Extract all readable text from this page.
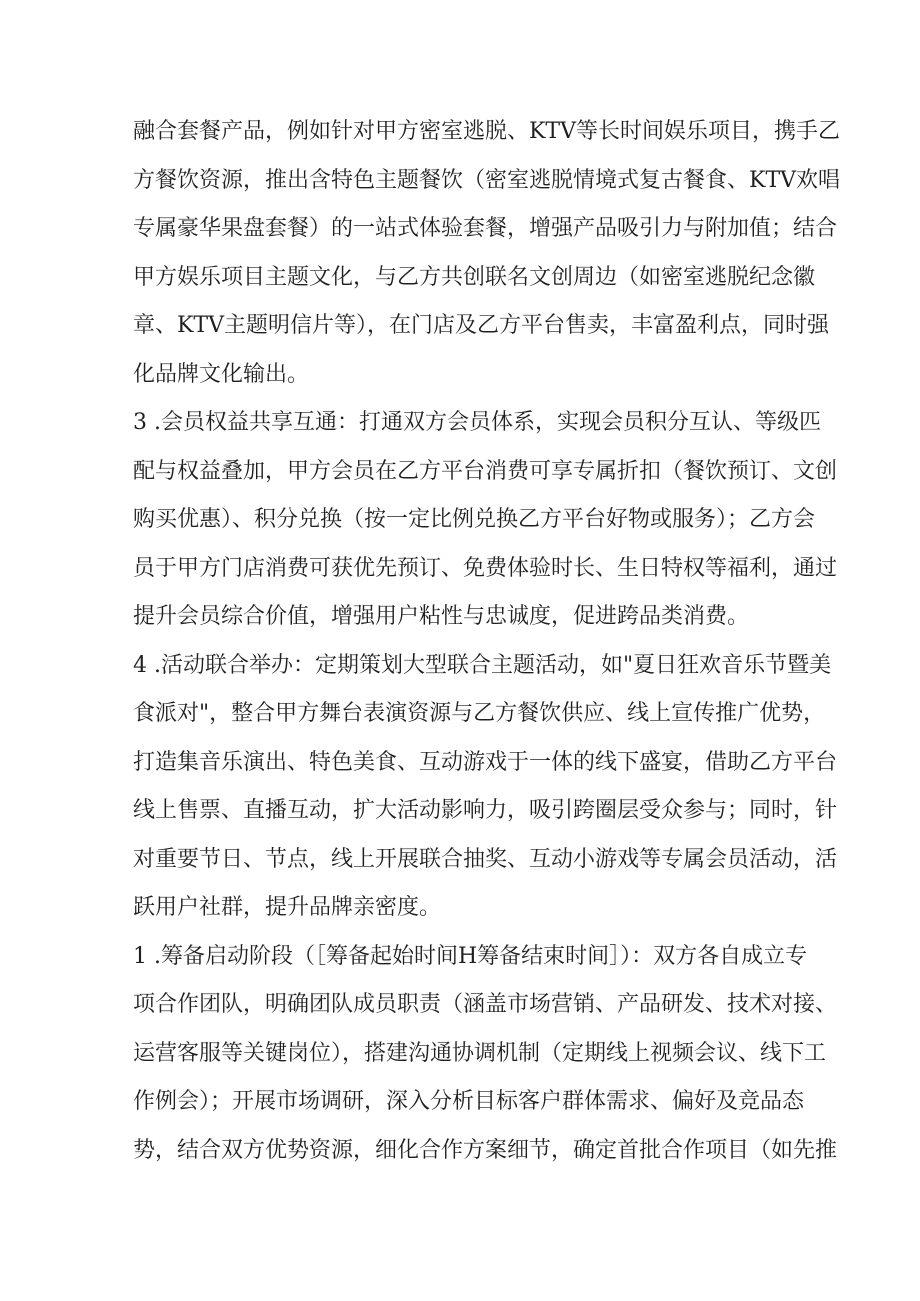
融合套餐产品，例如针对甲方密室逃脱、KTV等长时间娱乐项目，携手乙
方餐饮资源，推出含特色主题餐饮（密室逃脱情境式复古餐食、KTV欢唱
专属豪华果盘套餐）的一站式体验套餐，增强产品吸引力与附加值；结合
甲方娱乐项目主题文化，与乙方共创联名文创周边（如密室逃脱纪念徽
章、KTV主题明信片等），在门店及乙方平台售卖，丰富盈利点，同时强
化品牌文化输出。
3 .会员权益共享互通：打通双方会员体系，实现会员积分互认、等级匹
配与权益叠加，甲方会员在乙方平台消费可享专属折扣（餐饮预订、文创
购买优惠）、积分兑换（按一定比例兑换乙方平台好物或服务）；乙方会
员于甲方门店消费可获优先预订、免费体验时长、生日特权等福利，通过
提升会员综合价值，增强用户粘性与忠诚度，促进跨品类消费。
4 .活动联合举办：定期策划大型联合主题活动，如"夏日狂欢音乐节暨美
食派对"，整合甲方舞台表演资源与乙方餐饮供应、线上宣传推广优势，
打造集音乐演出、特色美食、互动游戏于一体的线下盛宴，借助乙方平台
线上售票、直播互动，扩大活动影响力，吸引跨圈层受众参与；同时，针
对重要节日、节点，线上开展联合抽奖、互动小游戏等专属会员活动，活
跃用户社群，提升品牌亲密度。
1 .筹备启动阶段（［筹备起始时间H筹备结束时间］）：双方各自成立专
项合作团队，明确团队成员职责（涵盖市场营销、产品研发、技术对接、
运营客服等关键岗位），搭建沟通协调机制（定期线上视频会议、线下工
作例会）；开展市场调研，深入分析目标客户群体需求、偏好及竞品态
势，结合双方优势资源，细化合作方案细节，确定首批合作项目（如先推
